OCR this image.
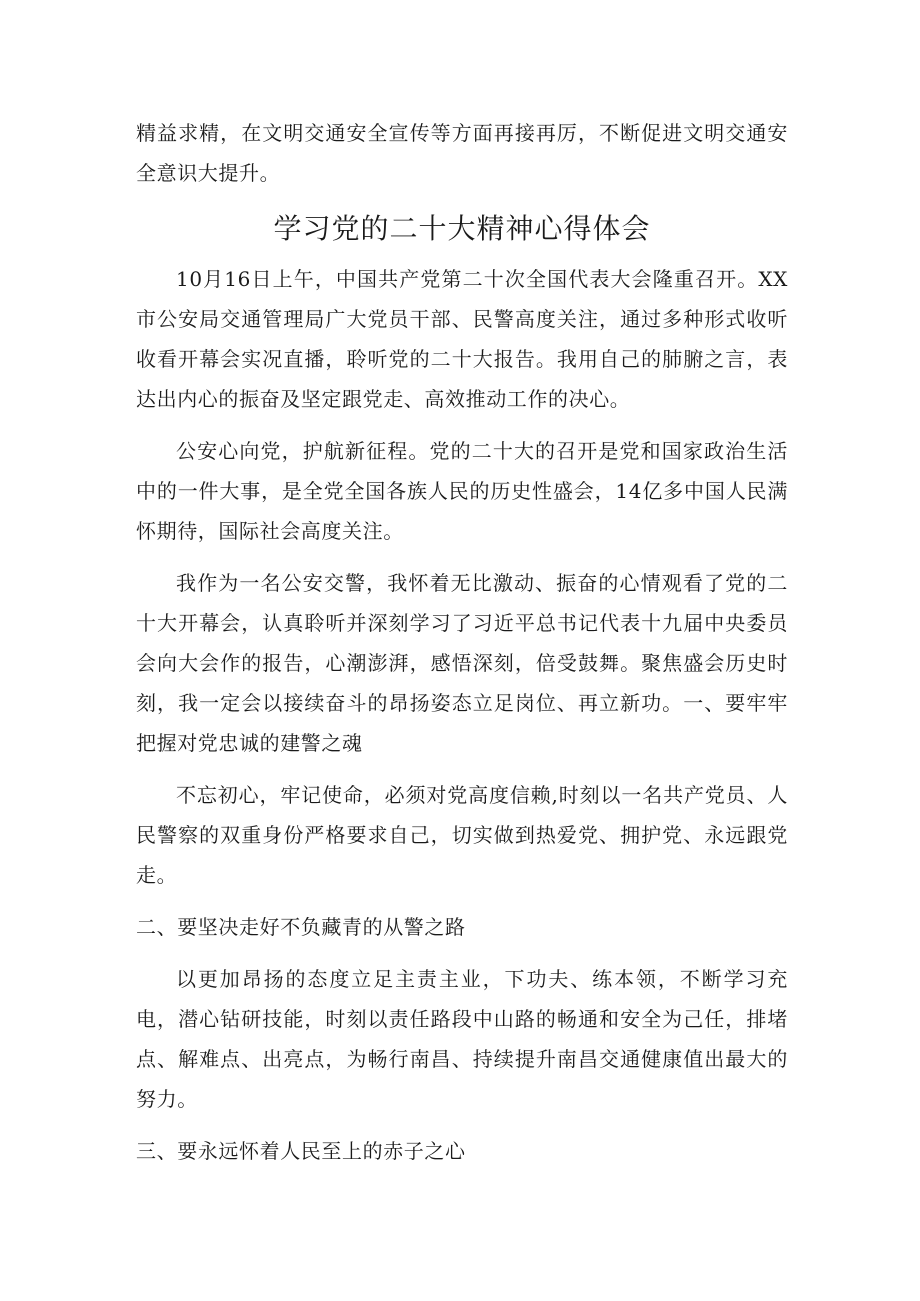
精益求精，在文明交通安全宣传等方面再接再厉，不断促进文明交通安全意识大提升。

学习党的二十大精神心得体会

10月16日上午，中国共产党第二十次全国代表大会隆重召开。XX市公安局交通管理局广大党员干部、民警高度关注，通过多种形式收听收看开幕会实况直播，聆听党的二十大报告。我用自己的肺腑之言，表达出内心的振奋及坚定跟党走、高效推动工作的决心。

公安心向党，护航新征程。党的二十大的召开是党和国家政治生活中的一件大事，是全党全国各族人民的历史性盛会，14亿多中国人民满怀期待，国际社会高度关注。

我作为一名公安交警，我怀着无比激动、振奋的心情观看了党的二十大开幕会，认真聆听并深刻学习了习近平总书记代表十九届中央委员会向大会作的报告，心潮澎湃，感悟深刻，倍受鼓舞。聚焦盛会历史时刻，我一定会以接续奋斗的昂扬姿态立足岗位、再立新功。一、要牢牢把握对党忠诚的建警之魂

不忘初心，牢记使命，必须对党高度信赖,时刻以一名共产党员、人民警察的双重身份严格要求自己，切实做到热爱党、拥护党、永远跟党走。

二、要坚决走好不负藏青的从警之路

以更加昂扬的态度立足主责主业，下功夫、练本领，不断学习充电，潜心钻研技能，时刻以责任路段中山路的畅通和安全为己任，排堵点、解难点、出亮点，为畅行南昌、持续提升南昌交通健康值出最大的努力。

三、要永远怀着人民至上的赤子之心
